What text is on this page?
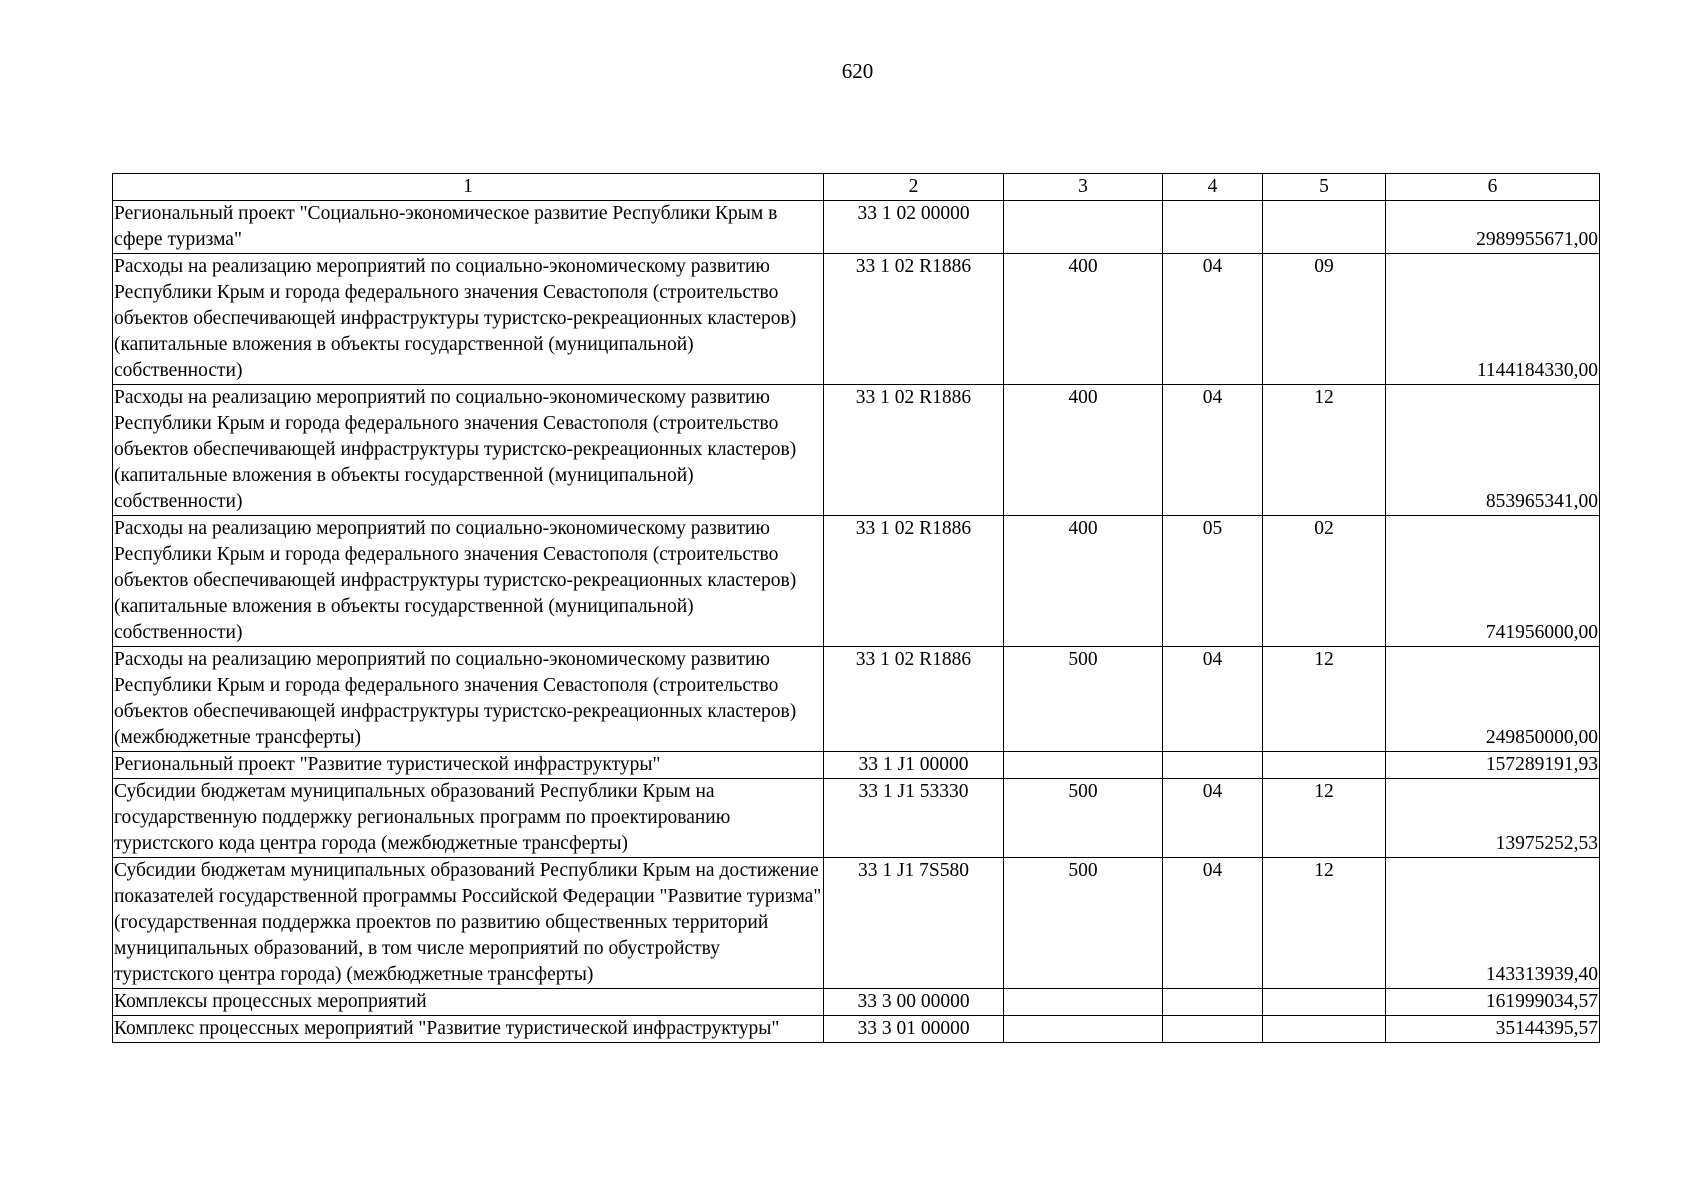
620
1	2	3	4	5	6
Региональный проект "Социально-экономическое развитие Республики Крым в сфере туризма"	33 1 02 00000				2989955671,00
Расходы на реализацию мероприятий по социально-экономическому развитию Республики Крым и города федерального значения Севастополя (строительство объектов обеспечивающей инфраструктуры туристско-рекреационных кластеров) (капитальные вложения в объекты государственной (муниципальной) собственности)	33 1 02 R1886	400	04	09	1144184330,00
Расходы на реализацию мероприятий по социально-экономическому развитию Республики Крым и города федерального значения Севастополя (строительство объектов обеспечивающей инфраструктуры туристско-рекреационных кластеров) (капитальные вложения в объекты государственной (муниципальной) собственности)	33 1 02 R1886	400	04	12	853965341,00
Расходы на реализацию мероприятий по социально-экономическому развитию Республики Крым и города федерального значения Севастополя (строительство объектов обеспечивающей инфраструктуры туристско-рекреационных кластеров) (капитальные вложения в объекты государственной (муниципальной) собственности)	33 1 02 R1886	400	05	02	741956000,00
Расходы на реализацию мероприятий по социально-экономическому развитию Республики Крым и города федерального значения Севастополя (строительство объектов обеспечивающей инфраструктуры туристско-рекреационных кластеров) (межбюджетные трансферты)	33 1 02 R1886	500	04	12	249850000,00
Региональный проект "Развитие туристической инфраструктуры"	33 1 J1 00000				157289191,93
Субсидии бюджетам муниципальных образований Республики Крым на государственную поддержку региональных программ по проектированию туристского кода центра города (межбюджетные трансферты)	33 1 J1 53330	500	04	12	13975252,53
Субсидии бюджетам муниципальных образований Республики Крым на достижение показателей государственной программы Российской Федерации "Развитие туризма" (государственная поддержка проектов по развитию общественных территорий муниципальных образований, в том числе мероприятий по обустройству туристского центра города) (межбюджетные трансферты)	33 1 J1 7S580	500	04	12	143313939,40
Комплексы процессных мероприятий	33 3 00 00000				161999034,57
Комплекс процессных мероприятий "Развитие туристической инфраструктуры"	33 3 01 00000				35144395,57
